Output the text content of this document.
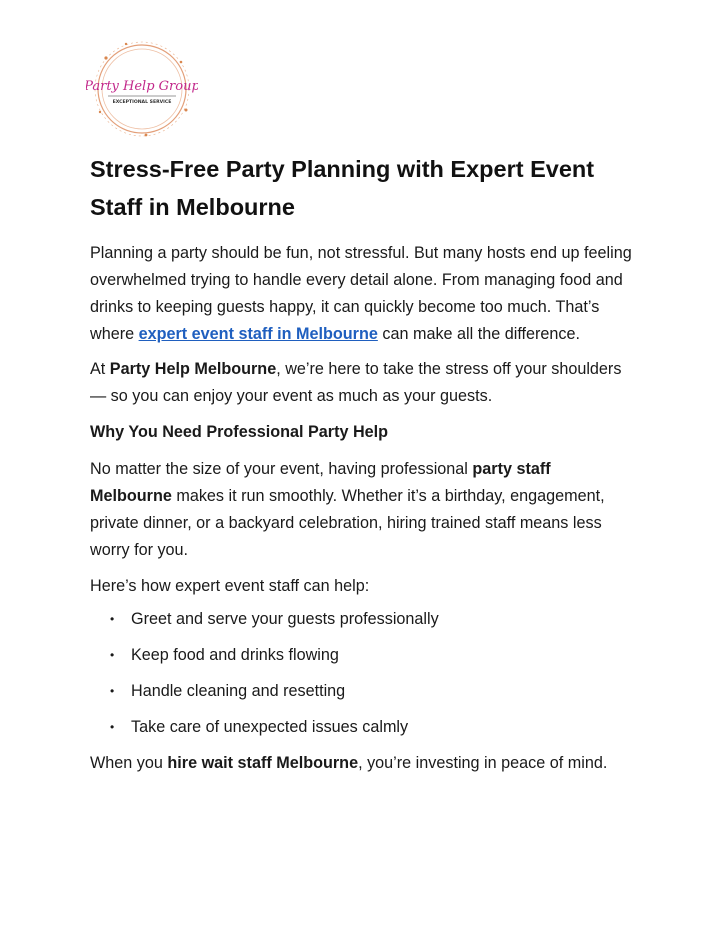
Party Help Group
EXCEPTIONAL SERVICE
Stress-Free Party Planning with Expert Event Staff in Melbourne

Planning a party should be fun, not stressful. But many hosts end up feeling overwhelmed trying to handle every detail alone. From managing food and drinks to keeping guests happy, it can quickly become too much. That’s where expert event staff in Melbourne can make all the difference.

At Party Help Melbourne, we’re here to take the stress off your shoulders — so you can enjoy your event as much as your guests.

Why You Need Professional Party Help

No matter the size of your event, having professional party staff Melbourne makes it run smoothly. Whether it’s a birthday, engagement, private dinner, or a backyard celebration, hiring trained staff means less worry for you.

Here’s how expert event staff can help:

• Greet and serve your guests professionally
• Keep food and drinks flowing
• Handle cleaning and resetting
• Take care of unexpected issues calmly

When you hire wait staff Melbourne, you’re investing in peace of mind.
